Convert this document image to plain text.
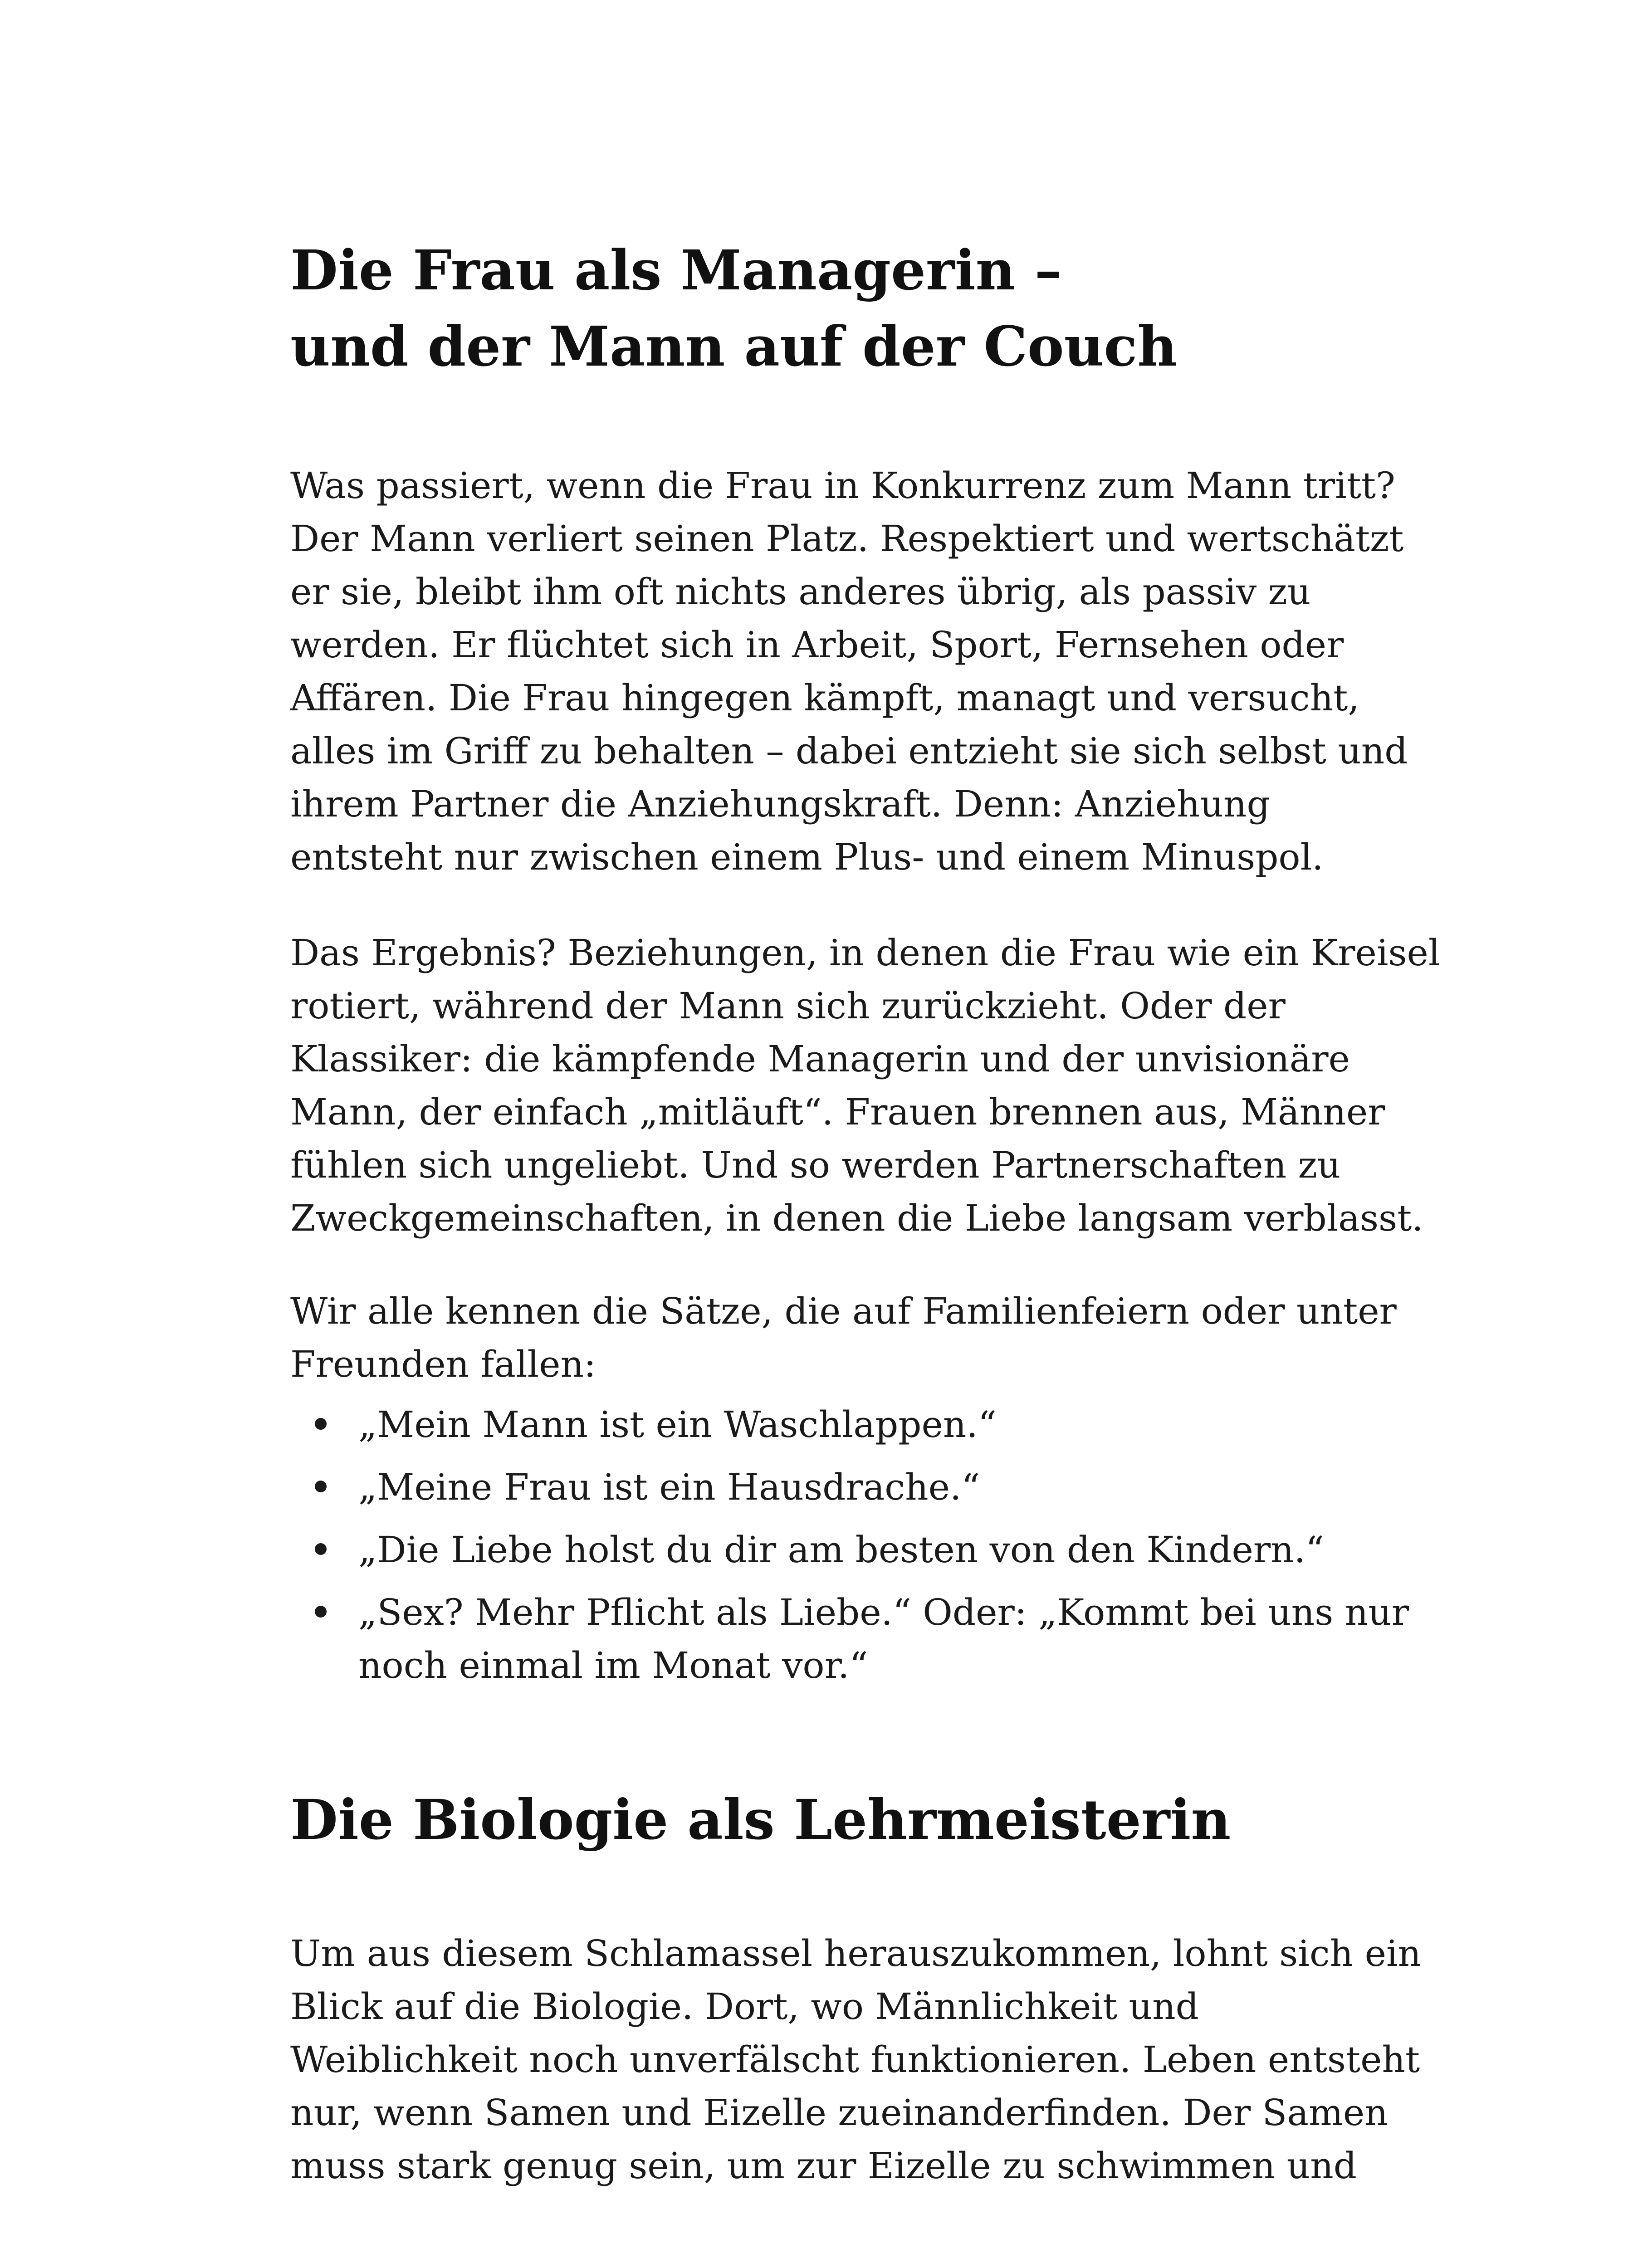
Die Frau als Managerin –
und der Mann auf der Couch

Was passiert, wenn die Frau in Konkurrenz zum Mann tritt?
Der Mann verliert seinen Platz. Respektiert und wertschätzt
er sie, bleibt ihm oft nichts anderes übrig, als passiv zu
werden. Er flüchtet sich in Arbeit, Sport, Fernsehen oder
Affären. Die Frau hingegen kämpft, managt und versucht,
alles im Griff zu behalten – dabei entzieht sie sich selbst und
ihrem Partner die Anziehungskraft. Denn: Anziehung
entsteht nur zwischen einem Plus- und einem Minuspol.

Das Ergebnis? Beziehungen, in denen die Frau wie ein Kreisel
rotiert, während der Mann sich zurückzieht. Oder der
Klassiker: die kämpfende Managerin und der unvisionäre
Mann, der einfach „mitläuft“. Frauen brennen aus, Männer
fühlen sich ungeliebt. Und so werden Partnerschaften zu
Zweckgemeinschaften, in denen die Liebe langsam verblasst.

Wir alle kennen die Sätze, die auf Familienfeiern oder unter
Freunden fallen:

„Mein Mann ist ein Waschlappen.“
„Meine Frau ist ein Hausdrache.“
„Die Liebe holst du dir am besten von den Kindern.“
„Sex? Mehr Pflicht als Liebe.“ Oder: „Kommt bei uns nur
noch einmal im Monat vor.“
Die Biologie als Lehrmeisterin

Um aus diesem Schlamassel herauszukommen, lohnt sich ein
Blick auf die Biologie. Dort, wo Männlichkeit und
Weiblichkeit noch unverfälscht funktionieren. Leben entsteht
nur, wenn Samen und Eizelle zueinanderfinden. Der Samen
muss stark genug sein, um zur Eizelle zu schwimmen und
